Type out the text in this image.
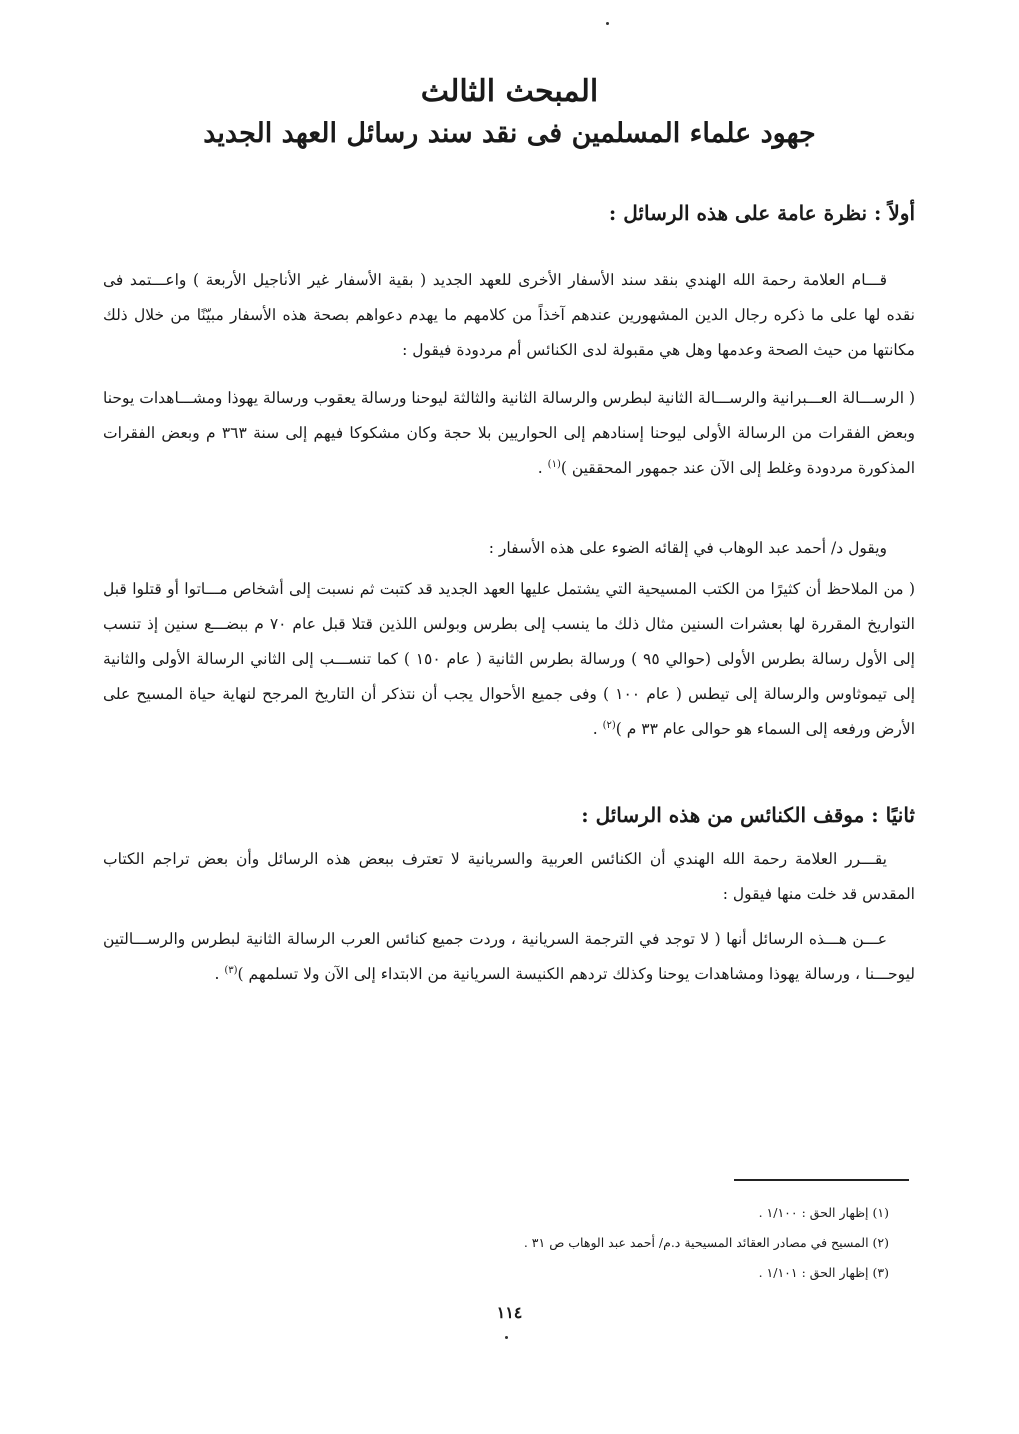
المبحث الثالث
جهود علماء المسلمين فى نقد سند رسائل العهد الجديد
أولاً : نظرة عامة على هذه الرسائل :

قـــام العلامة رحمة الله الهندي بنقد سند الأسفار الأخرى للعهد الجديد ( بقية الأسفار غير الأناجيل الأربعة ) واعـــتمد فى نقده لها على ما ذكره رجال الدين المشهورين عندهم آخذاً من كلامهم ما يهدم دعواهم بصحة هذه الأسفار مبيّنًا من خلال ذلك مكانتها من حيث الصحة وعدمها وهل هي مقبولة لدى الكنائس أم مردودة فيقول :

( الرســـالة العـــبرانية والرســـالة الثانية لبطرس والرسالة الثانية والثالثة ليوحنا ورسالة يعقوب ورسالة يهوذا ومشـــاهدات يوحنا وبعض الفقرات من الرسالة الأولى ليوحنا إسنادهم إلى الحواريين بلا حجة وكان مشكوكا فيهم إلى سنة ٣٦٣ م وبعض الفقرات المذكورة مردودة وغلط إلى الآن عند جمهور المحققين )$^{(١)}$ .

ويقول د/ أحمد عبد الوهاب في إلقائه الضوء على هذه الأسفار :

( من الملاحظ أن كثيرًا من الكتب المسيحية التي يشتمل عليها العهد الجديد قد كتبت ثم نسبت إلى أشخاص مـــاتوا أو قتلوا قبل التواريخ المقررة لها بعشرات السنين مثال ذلك ما ينسب إلى بطرس وبولس اللذين قتلا قبل عام ٧٠ م ببضـــع سنين إذ تنسب إلى الأول رسالة بطرس الأولى (حوالي ٩٥ ) ورسالة بطرس الثانية ( عام ١٥٠ ) كما تنســـب إلى الثاني الرسالة الأولى والثانية إلى تيموثاوس والرسالة إلى تيطس ( عام ١٠٠ ) وفى جميع الأحوال يجب أن نتذكر أن التاريخ المرجح لنهاية حياة المسيح على الأرض ورفعه إلى السماء هو حوالى عام ٣٣ م )$^{(٢)}$ .

ثانيًا : موقف الكنائس من هذه الرسائل :

يقـــرر العلامة رحمة الله الهندي أن الكنائس العربية والسريانية لا تعترف ببعض هذه الرسائل وأن بعض تراجم الكتاب المقدس قد خلت منها فيقول :

عـــن هـــذه الرسائل أنها ( لا توجد في الترجمة السريانية ، وردت جميع كنائس العرب الرسالة الثانية لبطرس والرســـالتين ليوحـــنا ، ورسالة يهوذا ومشاهدات يوحنا وكذلك تردهم الكنيسة السريانية من الابتداء إلى الآن ولا تسلمهم )$^{(٣)}$ .

(١) إظهار الحق : ١/١٠٠ .
(٢) المسيح في مصادر العقائد المسيحية د.م/ أحمد عبد الوهاب ص ٣١ .
(٣) إظهار الحق : ١/١٠١ .
١١٤
